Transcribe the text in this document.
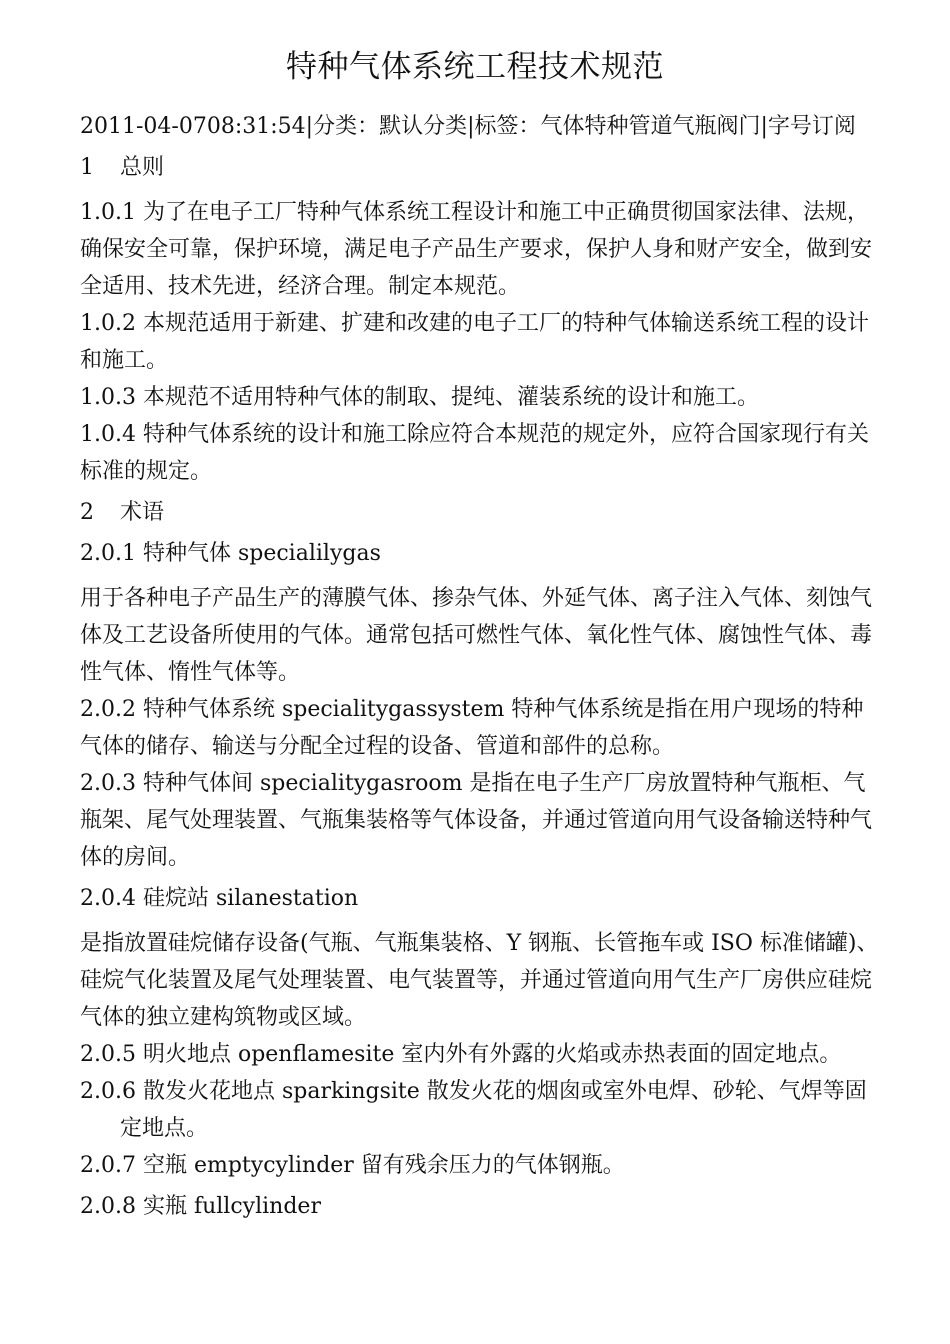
特种气体系统工程技术规范

2011-04-0708:31:54|分类：默认分类|标签：气体特种管道气瓶阀门|字号订阅

1 总则

1.0.1 为了在电子工厂特种气体系统工程设计和施工中正确贯彻国家法律、法规，确保安全可靠，保护环境，满足电子产品生产要求，保护人身和财产安全，做到安全适用、技术先进，经济合理。制定本规范。

1.0.2 本规范适用于新建、扩建和改建的电子工厂的特种气体输送系统工程的设计和施工。

1.0.3 本规范不适用特种气体的制取、提纯、灌装系统的设计和施工。

1.0.4 特种气体系统的设计和施工除应符合本规范的规定外，应符合国家现行有关标准的规定。

2 术语

2.0.1 特种气体 specialilygas

用于各种电子产品生产的薄膜气体、掺杂气体、外延气体、离子注入气体、刻蚀气体及工艺设备所使用的气体。通常包括可燃性气体、氧化性气体、腐蚀性气体、毒性气体、惰性气体等。

2.0.2 特种气体系统 specialitygassystem 特种气体系统是指在用户现场的特种气体的储存、输送与分配全过程的设备、管道和部件的总称。

2.0.3 特种气体间 specialitygasroom 是指在电子生产厂房放置特种气瓶柜、气瓶架、尾气处理装置、气瓶集装格等气体设备，并通过管道向用气设备输送特种气体的房间。

2.0.4 硅烷站 silanestation

是指放置硅烷储存设备(气瓶、气瓶集装格、Y 钢瓶、长管拖车或 ISO 标准储罐)、硅烷气化装置及尾气处理装置、电气装置等，并通过管道向用气生产厂房供应硅烷气体的独立建构筑物或区域。

2.0.5 明火地点 openflamesite 室内外有外露的火焰或赤热表面的固定地点。

2.0.6 散发火花地点 sparkingsite 散发火花的烟囱或室外电焊、砂轮、气焊等固定地点。

2.0.7 空瓶 emptycylinder 留有残余压力的气体钢瓶。

2.0.8 实瓶 fullcylinder
